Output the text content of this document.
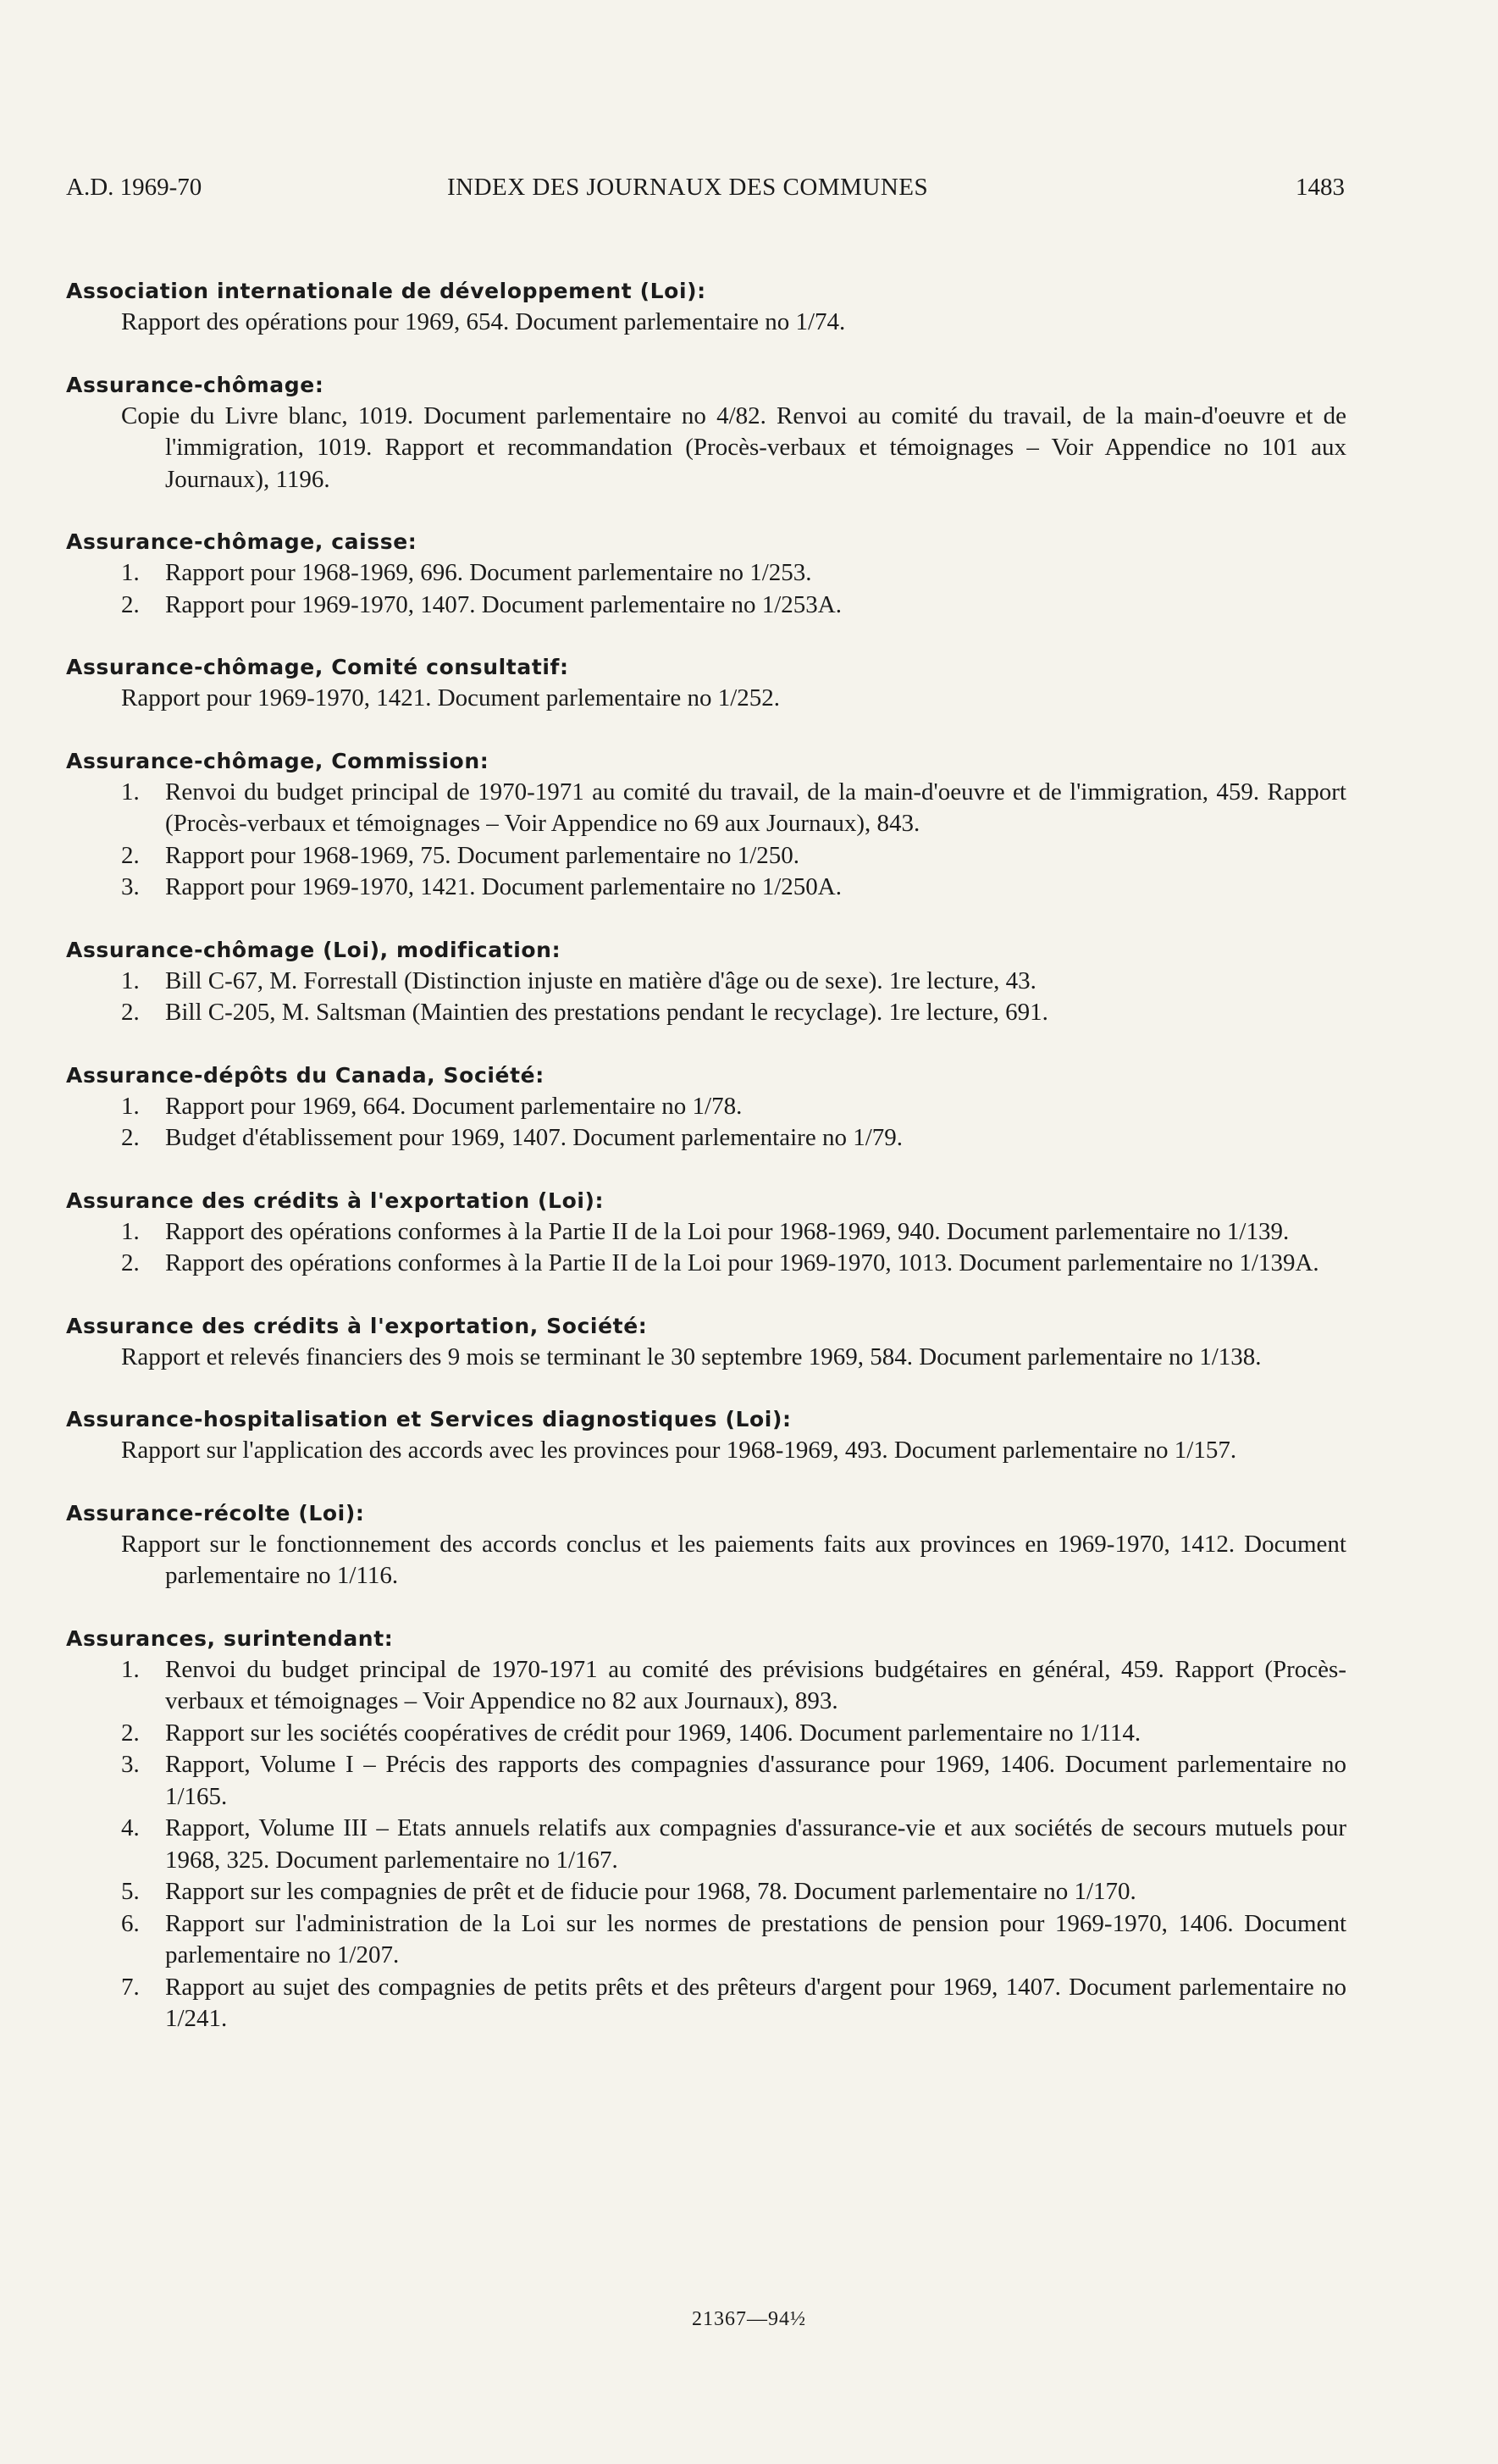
A.D. 1969-70	INDEX DES JOURNAUX DES COMMUNES	1483
Association internationale de développement (Loi):
Rapport des opérations pour 1969, 654. Document parlementaire no 1/74.
Assurance-chômage:
Copie du Livre blanc, 1019. Document parlementaire no 4/82. Renvoi au comité du travail, de la main-d'oeuvre et de l'immigration, 1019. Rapport et recommandation (Procès-verbaux et témoignages – Voir Appendice no 101 aux Journaux), 1196.
Assurance-chômage, caisse:
1. Rapport pour 1968-1969, 696. Document parlementaire no 1/253.
2. Rapport pour 1969-1970, 1407. Document parlementaire no 1/253A.
Assurance-chômage, Comité consultatif:
Rapport pour 1969-1970, 1421. Document parlementaire no 1/252.
Assurance-chômage, Commission:
1. Renvoi du budget principal de 1970-1971 au comité du travail, de la main-d'oeuvre et de l'immigration, 459. Rapport (Procès-verbaux et témoignages – Voir Appendice no 69 aux Journaux), 843.
2. Rapport pour 1968-1969, 75. Document parlementaire no 1/250.
3. Rapport pour 1969-1970, 1421. Document parlementaire no 1/250A.
Assurance-chômage (Loi), modification:
1. Bill C-67, M. Forrestall (Distinction injuste en matière d'âge ou de sexe). 1re lecture, 43.
2. Bill C-205, M. Saltsman (Maintien des prestations pendant le recyclage). 1re lecture, 691.
Assurance-dépôts du Canada, Société:
1. Rapport pour 1969, 664. Document parlementaire no 1/78.
2. Budget d'établissement pour 1969, 1407. Document parlementaire no 1/79.
Assurance des crédits à l'exportation (Loi):
1. Rapport des opérations conformes à la Partie II de la Loi pour 1968-1969, 940. Document parlementaire no 1/139.
2. Rapport des opérations conformes à la Partie II de la Loi pour 1969-1970, 1013. Document parlementaire no 1/139A.
Assurance des crédits à l'exportation, Société:
Rapport et relevés financiers des 9 mois se terminant le 30 septembre 1969, 584. Document parlementaire no 1/138.
Assurance-hospitalisation et Services diagnostiques (Loi):
Rapport sur l'application des accords avec les provinces pour 1968-1969, 493. Document parlementaire no 1/157.
Assurance-récolte (Loi):
Rapport sur le fonctionnement des accords conclus et les paiements faits aux provinces en 1969-1970, 1412. Document parlementaire no 1/116.
Assurances, surintendant:
1. Renvoi du budget principal de 1970-1971 au comité des prévisions budgétaires en général, 459. Rapport (Procès-verbaux et témoignages – Voir Appendice no 82 aux Journaux), 893.
2. Rapport sur les sociétés coopératives de crédit pour 1969, 1406. Document parlementaire no 1/114.
3. Rapport, Volume I – Précis des rapports des compagnies d'assurance pour 1969, 1406. Document parlementaire no 1/165.
4. Rapport, Volume III – Etats annuels relatifs aux compagnies d'assurance-vie et aux sociétés de secours mutuels pour 1968, 325. Document parlementaire no 1/167.
5. Rapport sur les compagnies de prêt et de fiducie pour 1968, 78. Document parlementaire no 1/170.
6. Rapport sur l'administration de la Loi sur les normes de prestations de pension pour 1969-1970, 1406. Document parlementaire no 1/207.
7. Rapport au sujet des compagnies de petits prêts et des prêteurs d'argent pour 1969, 1407. Document parlementaire no 1/241.
21367—94½
